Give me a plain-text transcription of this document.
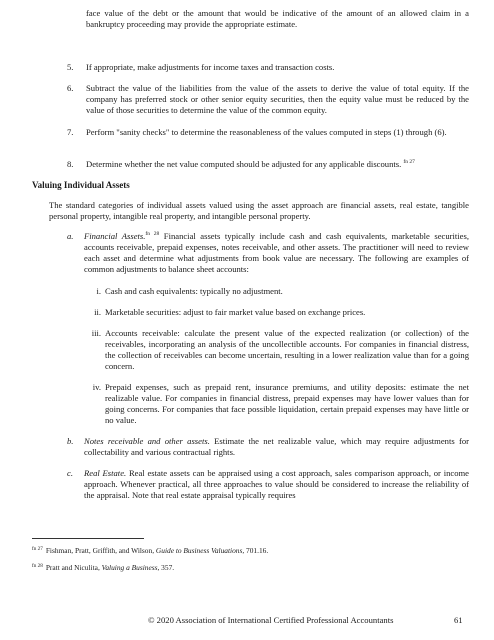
face value of the debt or the amount that would be indicative of the amount of an allowed claim in a bankruptcy proceeding may provide the appropriate estimate.
5.	If appropriate, make adjustments for income taxes and transaction costs.
6.	Subtract the value of the liabilities from the value of the assets to derive the value of total equity. If the company has preferred stock or other senior equity securities, then the equity value must be reduced by the value of those securities to determine the value of the common equity.
7.	Perform "sanity checks" to determine the reasonableness of the values computed in steps (1) through (6).
8.	Determine whether the net value computed should be adjusted for any applicable discounts. $^{fn 27}$
Valuing Individual Assets
The standard categories of individual assets valued using the asset approach are financial assets, real estate, tangible personal property, intangible real property, and intangible personal property.
a.	Financial Assets.$^{fn 28}$ Financial assets typically include cash and cash equivalents, marketable securities, accounts receivable, prepaid expenses, notes receivable, and other assets. The practitioner will need to review each asset and determine what adjustments from book value are necessary. The following are examples of common adjustments to balance sheet accounts:
i. Cash and cash equivalents: typically no adjustment.
ii. Marketable securities: adjust to fair market value based on exchange prices.
iii. Accounts receivable: calculate the present value of the expected realization (or collection) of the receivables, incorporating an analysis of the uncollectible accounts. For companies in financial distress, the collection of receivables can become uncertain, resulting in a lower realization value than for a going concern.
iv. Prepaid expenses, such as prepaid rent, insurance premiums, and utility deposits: estimate the net realizable value. For companies in financial distress, prepaid expenses may have lower values than for going concerns. For companies that face possible liquidation, certain prepaid expenses may have little or no value.
b.	Notes receivable and other assets. Estimate the net realizable value, which may require adjustments for collectability and various contractual rights.
c.	Real Estate. Real estate assets can be appraised using a cost approach, sales comparison approach, or income approach. Whenever practical, all three approaches to value should be considered to increase the reliability of the appraisal. Note that real estate appraisal typically requires
$^{fn 27}$ Fishman, Pratt, Griffith, and Wilson, Guide to Business Valuations, 701.16.
$^{fn 28}$ Pratt and Niculita, Valuing a Business, 357.
© 2020 Association of International Certified Professional Accountants	61
